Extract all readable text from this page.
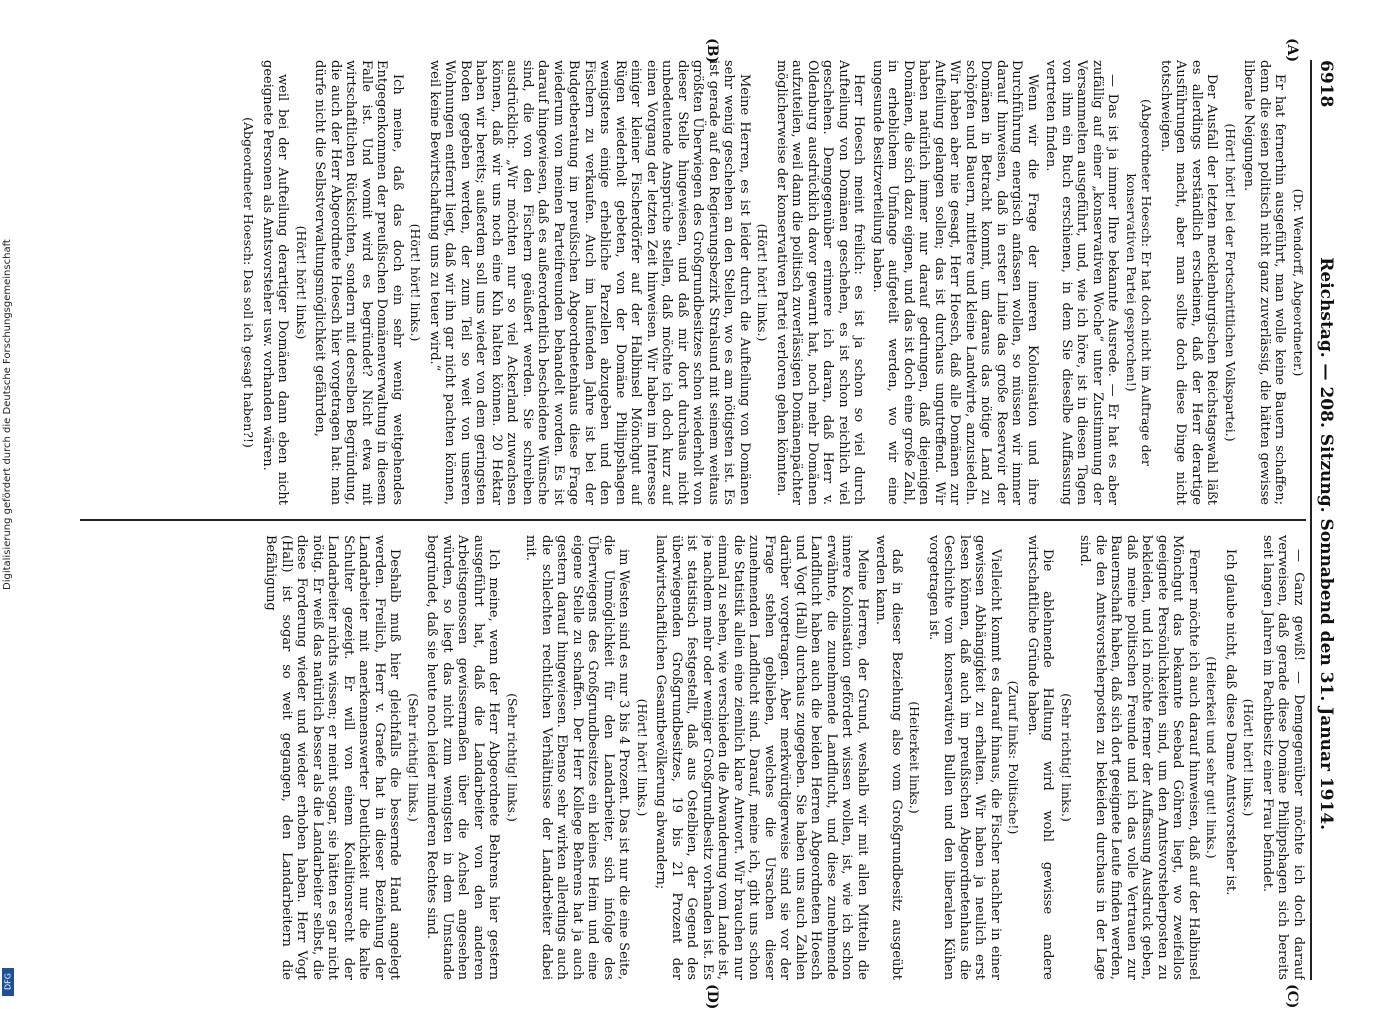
6918
Reichstag. — 208. Sitzung. Sonnabend den 31. Januar 1914.

(Dr. Wendorff, Abgeordneter.)

Er hat fernerhin ausgeführt, man wolle keine Bauern schaffen; denn die seien politisch nicht ganz zuverlässig, die hätten gewisse liberale Neigungen.

(Hört! hört! bei der Fortschrittlichen Volkspartei.)

Der Ausfall der letzten mecklenburgischen Reichstagswahl läßt es allerdings verständlich erscheinen, daß der Herr derartige Ausführungen macht, aber man sollte doch diese Dinge nicht totschweigen.

(Abgeordneter Hoesch: Er hat doch nicht im Auftrage der konservativen Partei gesprochen!)

— Das ist ja immer Ihre bekannte Ausrede. — Er hat es aber zufällig auf einer „konservativen Woche“ unter Zustimmung der Versammelten ausgeführt, und, wie ich höre, ist in diesen Tagen von ihm ein Buch erschienen, in dem Sie dieselbe Auffassung vertreten finden.

Wenn wir die Frage der inneren Kolonisation und ihre Durchführung energisch anfassen wollen, so müssen wir immer darauf hinweisen, daß in erster Linie das große Reservoir der Domänen in Betracht kommt, um daraus das nötige Land zu schöpfen und Bauern, mittlere und kleine Landwirte, anzusiedeln. Wir haben aber nie gesagt, Herr Hoesch, daß alle Domänen zur Aufteilung gelangen sollen; das ist durchaus ungutreffend. Wir haben natürlich immer nur darauf gedrungen, daß diejenigen Domänen, die sich dazu eignen, und das ist doch eine große Zahl, in erheblichem Umfange aufgeteilt werden, wo wir eine ungesunde Besitzverteilung haben.

Herr Hoesch meint freilich: es ist ja schon so viel durch Aufteilung von Domänen geschehen, es ist schon reichlich viel geschehen. Demgegenüber erinnere ich daran, daß Herr v. Oldenburg ausdrücklich davor gewarnt hat, noch mehr Domänen aufzuteilen, weil dann die politisch zuverlässigen Domänenpächter möglicherweise der konservativen Partei verloren gehen könnten.

(Hört! hört! links.)

Meine Herren, es ist leider durch die Aufteilung von Domänen sehr wenig geschehen an den Stellen, wo es am nötigsten ist. Es ist gerade auf den Regierungsbezirk Stralsund mit seinem weitaus größten Überwiegen des Großgrundbesitzes schon wiederholt von dieser Stelle hingewiesen, und daß mir dort durchaus nicht unbedeutende Ansprüche stellen, daß möchte ich doch kurz auf einen Vorgang der letzten Zeit hinweisen. Wir haben im Interesse einiger kleiner Fischerdörfer auf der Halbinsel Mönchgut auf Rügen wiederholt gebeten, von der Domäne Philippshagen wenigstens einige erhebliche Parzellen abzugeben und den Fischern zu verkaufen. Auch im laufenden Jahre ist bei der Budgetberatung im preußischen Abgeordnetenhaus diese Frage wiederum von meinen Parteifreunden behandelt worden. Es ist darauf hingewiesen, daß es außerordentlich bescheidene Wünsche sind, die von den Fischern geäußert werden. Sie schreiben ausdrücklich: „Wir möchten nur so viel Ackerland zuwachsen können, daß wir uns noch eine Kuh halten können. 20 Hektar haben wir bereits; außerdem soll uns wieder von dem geringsten Boden gegeben werden, der zum Teil so weit von unseren Wohnungen entfernt liegt, daß wir ihn gar nicht pachten können, weil keine Bewirtschaftung uns zu teuer wird.“

(Hört! hört! links.)

Ich meine, daß das doch ein sehr wenig weitgehendes Entgegenkommen der preußischen Domänenverwaltung in diesem Falle ist. Und womit wird es begründet? Nicht etwa mit wirtschaftlichen Rücksichten, sondern mit derselben Begründung, die auch der Herr Abgeordnete Hoesch hier vorgetragen hat: man dürfe nicht die Selbstverwaltungsmöglichkeit gefährden,

(Hört! hört! links)

weil bei der Aufteilung derartiger Domänen dann eben nicht geeignete Personen als Amtsvorsteher usw. vorhanden wären.

(Abgeordneter Hoesch: Das soll ich gesagt haben?!)

— Ganz gewiß! — Demgegenüber möchte ich doch darauf verweisen, daß gerade diese Domäne Philippshagen sich bereits seit langen Jahren im Pachtbesitz einer Frau befindet.

(Hört! hört! links.)

Ich glaube nicht, daß diese Dame Amtsvorsteher ist.

(Heiterkeit und sehr gut! links.)

Ferner möchte ich auch darauf hinweisen, daß auf der Halbinsel Mönchgut das bekannte Seebad Göhren liegt, wo zweifellos geeignete Persönlichkeiten sind, um den Amtsvorsteherposten zu bekleiden, und ich möchte ferner der Auffassung Ausdruck geben, daß meine politischen Freunde und ich das volle Vertrauen zur Bauernschaft haben, daß sich dort geeignete Leute finden werden, die den Amtsvorsteherposten zu bekleiden durchaus in der Lage sind.

(Sehr richtig! links.)

Die ablehnende Haltung wird wohl gewisse andere wirtschaftliche Gründe haben.

(Zuruf links: Politische!)

Vielleicht kommt es darauf hinaus, die Fischer nachher in einer gewissen Abhängigkeit zu erhalten. Wir haben ja neulich erst lesen können, daß auch im preußischen Abgeordnetenhaus die Geschichte vom konservativen Bullen und den liberalen Kühen vorgetragen ist.

(Heiterkeit links.)

daß in dieser Beziehung also vom Großgrundbesitz ausgeübt werden kann.

Meine Herren, der Grund, weshalb wir mit allen Mitteln die innere Kolonisation gefördert wissen wollen, ist, wie ich schon erwähnte, die zunehmende Landflucht, und diese zunehmende Landflucht haben auch die beiden Herren Abgeordneten Hoesch und Vogt (Hall) durchaus zugegeben. Sie haben uns auch Zahlen darüber vorgetragen. Aber merkwürdigerweise sind sie vor der Frage stehen geblieben, welches die Ursachen dieser zunehmenden Landflucht sind. Darauf, meine ich, gibt uns schon die Statistik allein eine ziemlich klare Antwort. Wir brauchen nur einmal zu sehen, wie verschieden die Abwanderung vom Lande ist, je nachdem mehr oder weniger Großgrundbesitz vorhanden ist. Es ist statistisch festgestellt, daß aus Ostelbien, der Gegend des überwiegenden Großgrundbesitzes, 19 bis 21 Prozent der landwirtschaftlichen Gesamtbevölkerung abwandern;

(Hört! hört! links.)

im Westen sind es nur 3 bis 4 Prozent. Das ist nur die eine Seite, die Unmöglichkeit für den Landarbeiter, sich infolge des Überwiegens des Großgrundbesitzes ein kleines Heim und eine eigene Stelle zu schaffen. Der Herr Kollege Behrens hat ja auch gestern darauf hingewiesen. Ebenso sehr wirken allerdings auch die schlechten rechtlichen Verhältnisse der Landarbeiter dabei mit.

(Sehr richtig! links.)

Ich meine, wenn der Herr Abgeordnete Behrens hier gestern ausgeführt hat, daß die Landarbeiter von den anderen Arbeitsgenossen gewissermaßen über die Achsel angesehen würden, so liegt das nicht zum wenigsten in dem Umstande begründet, daß sie heute noch leider minderen Rechtes sind.

(Sehr richtig! links.)

Deshalb muß hier gleichfalls die bessernde Hand angelegt werden. Freilich, Herr v. Graefe hat in dieser Beziehung der Landarbeiter mit anerkennenswerter Deutlichkeit nur die kalte Schulter gezeigt. Er will von einem Koalitionsrecht der Landarbeiter nichts wissen; er meint sogar, sie hätten es gar nicht nötig. Er weiß das natürlich besser als die Landarbeiter selbst, die diese Forderung wieder und wieder erhoben haben. Herr Vogt (Hall) ist sogar so weit gegangen, den Landarbeitern die Befähigung

(A)
(B)
(C)
(D)
Digitalisierung gefördert durch die Deutsche Forschungsgemeinschaft
DFG
